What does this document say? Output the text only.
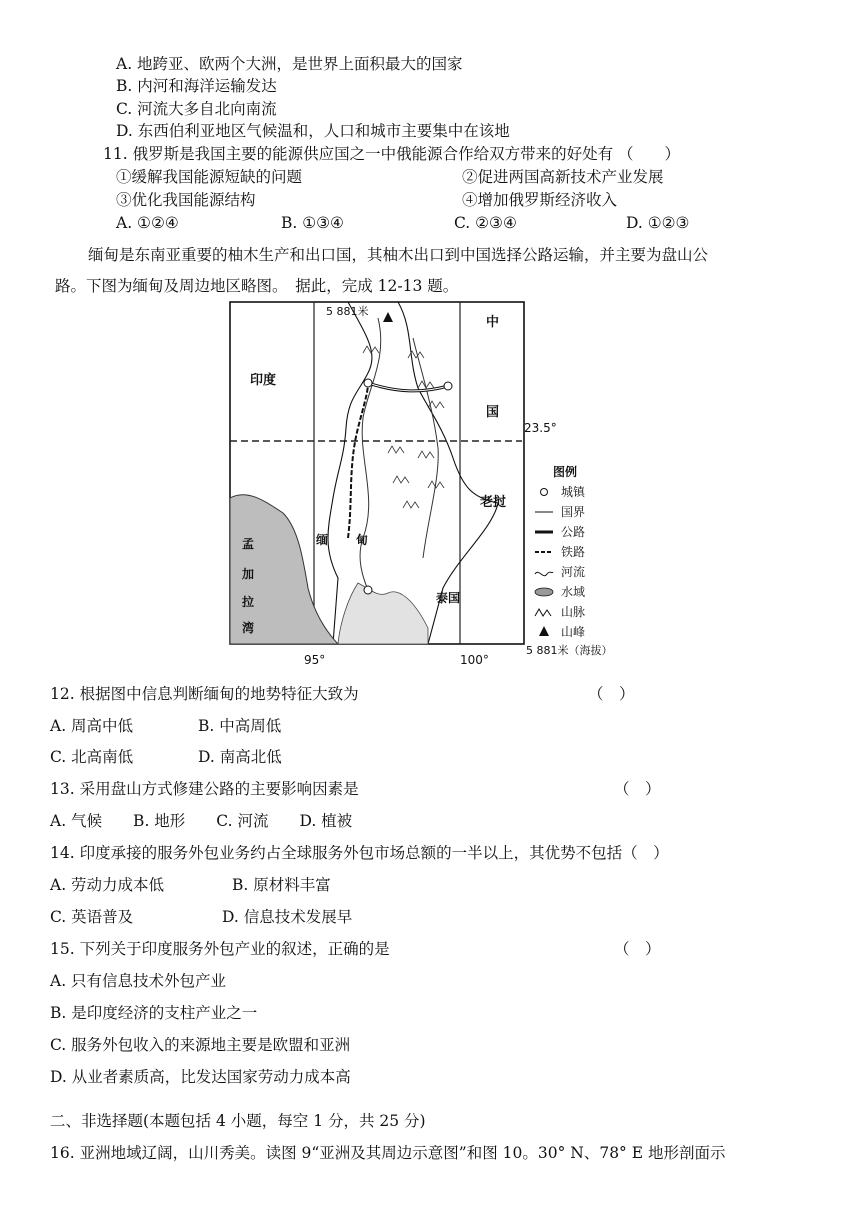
A. 地跨亚、欧两个大洲，是世界上面积最大的国家
B. 内河和海洋运输发达
C. 河流大多自北向南流
D. 东西伯利亚地区气候温和，人口和城市主要集中在该地
11. 俄罗斯是我国主要的能源供应国之一中俄能源合作给双方带来的好处有 （　　）
①缓解我国能源短缺的问题	②促进两国高新技术产业发展
③优化我国能源结构	④增加俄罗斯经济收入
A. ①②④	B. ①③④	C. ②③④	D. ①②③
缅甸是东南亚重要的柚木生产和出口国，其柚木出口到中国选择公路运输，并主要为盘山公
路。下图为缅甸及周边地区略图。　据此，完成 12-13 题。
5 881米
中
国
印度
老挝
缅 甸
泰国
孟
加
拉
湾
23.5°
95°	100°
图例
城镇
国界
公路
铁路
河流
水域
山脉
山峰
5 881米（海拔）
12. 根据图中信息判断缅甸的地势特征大致为	（　）
A. 周高中低	B. 中高周低
C. 北高南低	D. 南高北低
13. 采用盘山方式修建公路的主要影响因素是	（　）
A. 气候　　B. 地形　　C. 河流　　D. 植被
14. 印度承接的服务外包业务约占全球服务外包市场总额的一半以上，其优势不包括（　）
A. 劳动力成本低	B. 原材料丰富
C. 英语普及	D. 信息技术发展早
15. 下列关于印度服务外包产业的叙述，正确的是	（　）
A. 只有信息技术外包产业
B. 是印度经济的支柱产业之一
C. 服务外包收入的来源地主要是欧盟和亚洲
D. 从业者素质高，比发达国家劳动力成本高
二、非选择题(本题包括 4 小题，每空 1 分，共 25 分)
16. 亚洲地域辽阔，山川秀美。读图 9“亚洲及其周边示意图”和图 10。30° N、78° E 地形剖面示
